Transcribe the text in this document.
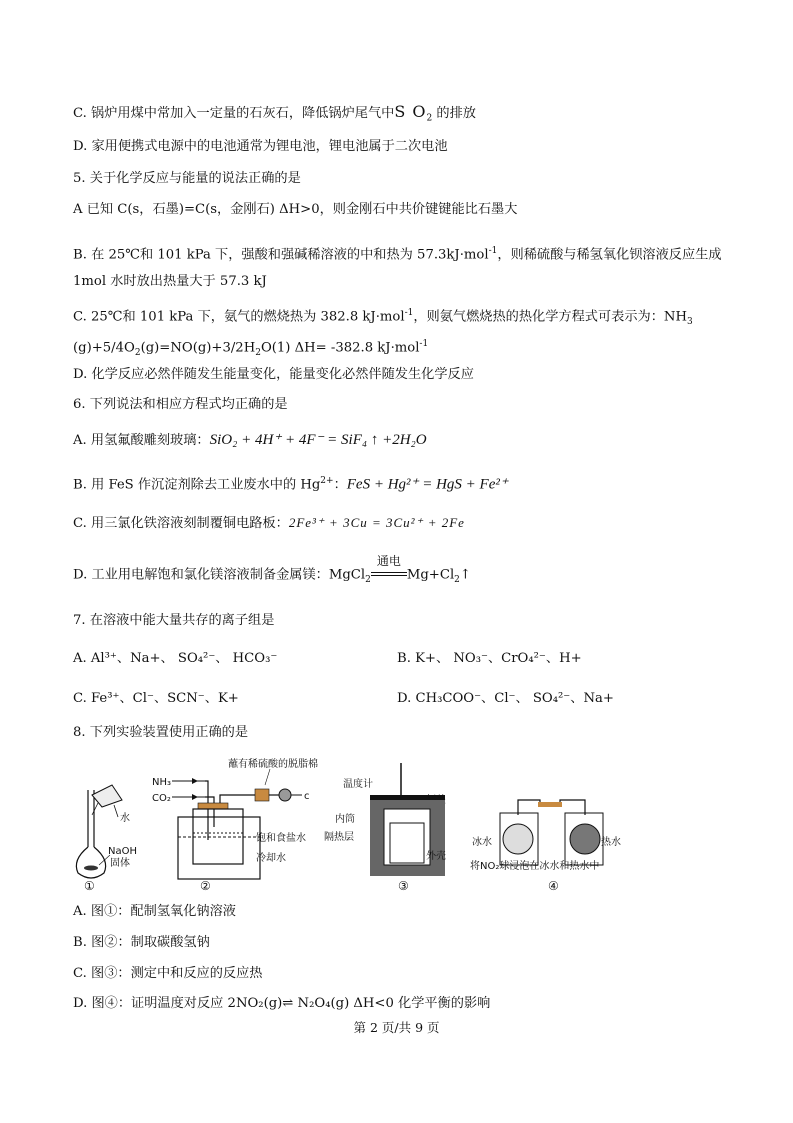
C. 锅炉用煤中常加入一定量的石灰石，降低锅炉尾气中S $O_2$ 的排放
D. 家用便携式电源中的电池通常为锂电池，锂电池属于二次电池
5. 关于化学反应与能量的说法正确的是
A 已知 C(s，石墨)=C(s，金刚石) ΔH>0，则金刚石中共价键键能比石墨大
B. 在 25℃和 101 kPa 下，强酸和强碱稀溶液的中和热为 57.3kJ·mol$^{-1}$，则稀硫酸与稀氢氧化钡溶液反应生成
1mol 水时放出热量大于 57.3 kJ
C. 25℃和 101 kPa 下，氨气的燃烧热为 382.8 kJ·mol$^{-1}$，则氨气燃烧热的热化学方程式可表示为：$NH_3$
$(g)+5/4O_2(g)=NO(g)+3/2H_2O(1)$ ΔH= -382.8 kJ·mol$^{-1}$
D. 化学反应必然伴随发生能量变化，能量变化必然伴随发生化学反应
6. 下列说法和相应方程式均正确的是
A. 用氢氟酸雕刻玻璃：SiO₂ + 4H⁺ + 4F⁻ = SiF₄ ↑ +2H₂O
B. 用 FeS 作沉淀剂除去工业废水中的 $Hg^{2+}$：FeS + Hg²⁺ = HgS + Fe²⁺
C. 用三氯化铁溶液刻制覆铜电路板：2Fe³⁺ + 3Cu = 3Cu²⁺ + 2Fe
D. 工业用电解饱和氯化镁溶液制备金属镁：MgCl$_2$
通电
$Mg+Cl_2↑$
7. 在溶液中能大量共存的离子组是
A. Al³⁺、Na+、 SO₄²⁻、 HCO₃⁻	B. K+、 NO₃⁻、CrO₄²⁻、H+
C. Fe³⁺、Cl⁻、SCN⁻、K+	D. CH₃COO⁻、Cl⁻、 SO₄²⁻、Na+
8. 下列实验装置使用正确的是
水
NaOH
固体
①
蘸有稀硫酸的脱脂棉
NH₃
CO₂	c
饱和食盐水
冷却水
②
温度计
内筒
隔热层
外壳
③
冰水	热水
将NO₂球浸泡在冰水和热水中
④
A. 图①：配制氢氧化钠溶液
B. 图②：制取碳酸氢钠
C. 图③：测定中和反应的反应热
D. 图④：证明温度对反应 2NO₂(g)⇌ N₂O₄(g) ΔH<0 化学平衡的影响
第 2 页/共 9 页
